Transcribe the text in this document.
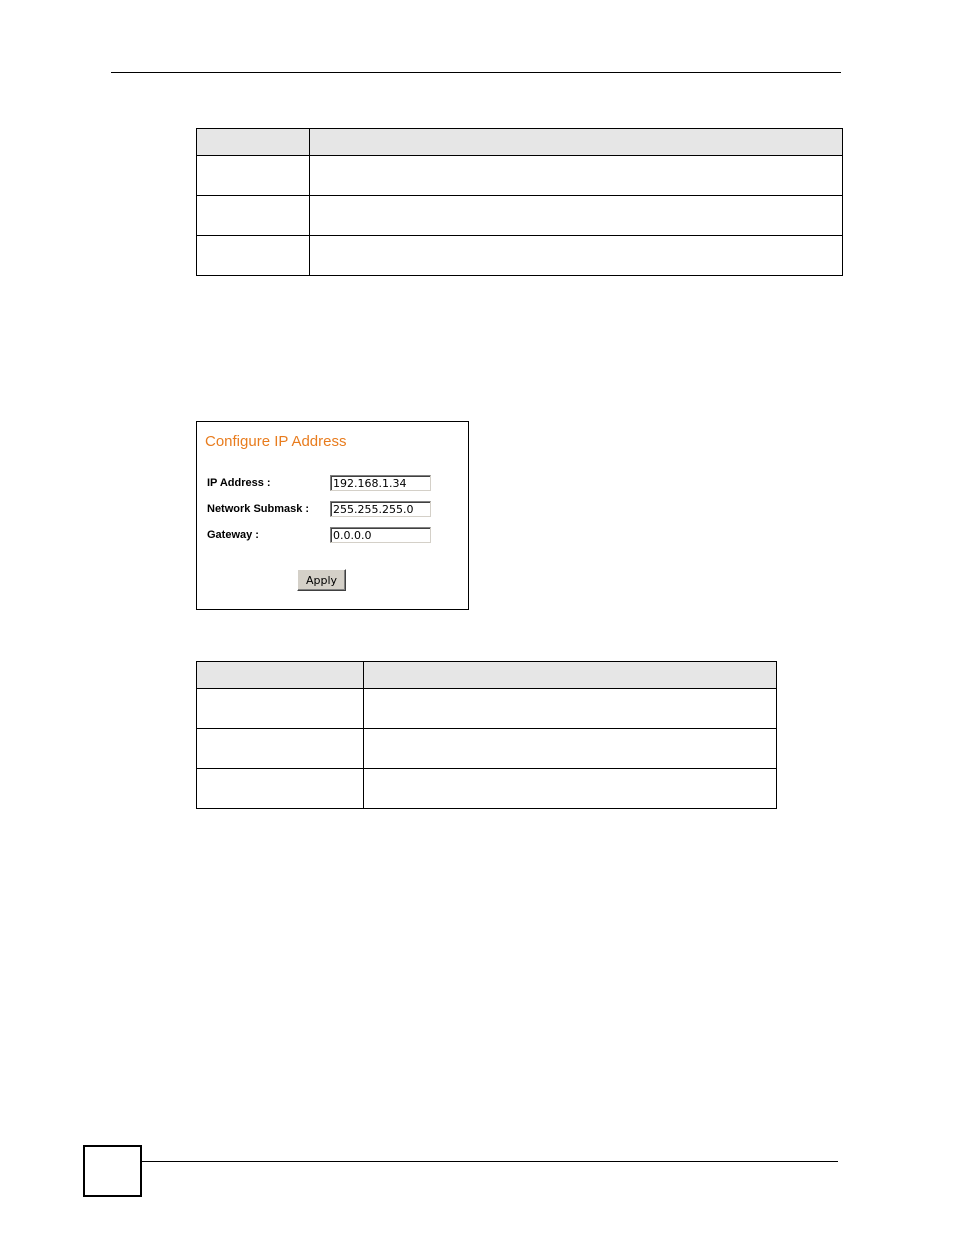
Configure IP Address
IP Address :
192.168.1.34
Network Submask :
255.255.255.0
Gateway :
0.0.0.0
Apply
